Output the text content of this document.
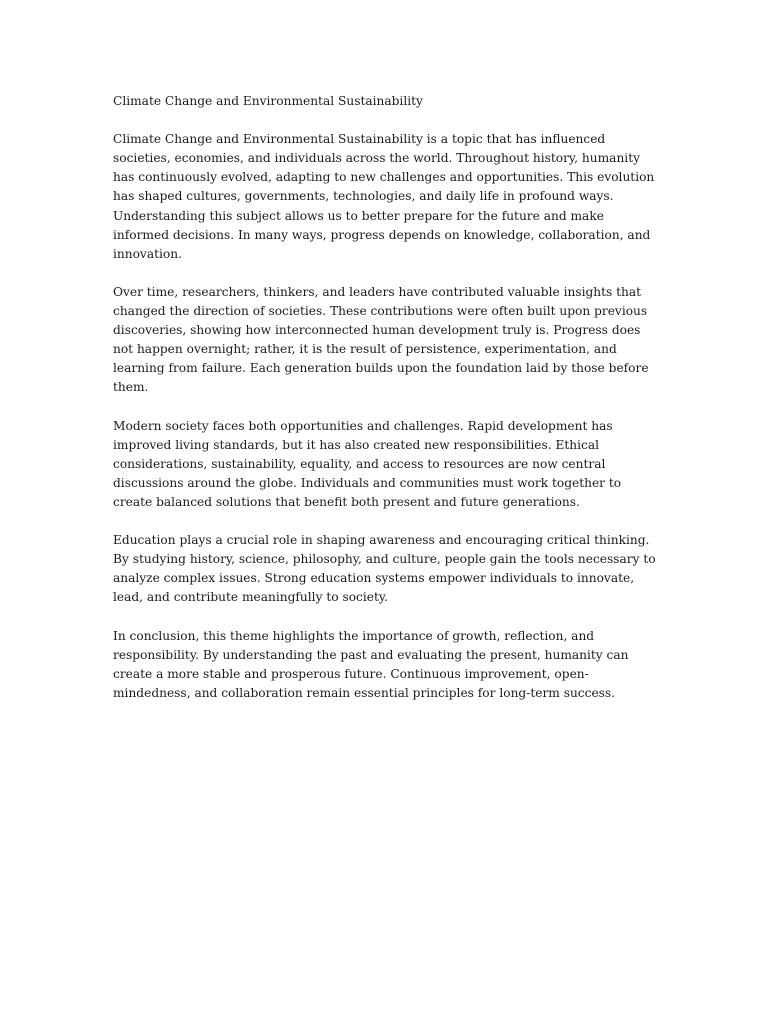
Climate Change and Environmental Sustainability

Climate Change and Environmental Sustainability is a topic that has influenced societies, economies, and individuals across the world. Throughout history, humanity has continuously evolved, adapting to new challenges and opportunities. This evolution has shaped cultures, governments, technologies, and daily life in profound ways. Understanding this subject allows us to better prepare for the future and make informed decisions. In many ways, progress depends on knowledge, collaboration, and innovation.

Over time, researchers, thinkers, and leaders have contributed valuable insights that changed the direction of societies. These contributions were often built upon previous discoveries, showing how interconnected human development truly is. Progress does not happen overnight; rather, it is the result of persistence, experimentation, and learning from failure. Each generation builds upon the foundation laid by those before them.

Modern society faces both opportunities and challenges. Rapid development has improved living standards, but it has also created new responsibilities. Ethical considerations, sustainability, equality, and access to resources are now central discussions around the globe. Individuals and communities must work together to create balanced solutions that benefit both present and future generations.

Education plays a crucial role in shaping awareness and encouraging critical thinking. By studying history, science, philosophy, and culture, people gain the tools necessary to analyze complex issues. Strong education systems empower individuals to innovate, lead, and contribute meaningfully to society.

In conclusion, this theme highlights the importance of growth, reflection, and responsibility. By understanding the past and evaluating the present, humanity can create a more stable and prosperous future. Continuous improvement, open-mindedness, and collaboration remain essential principles for long-term success.
